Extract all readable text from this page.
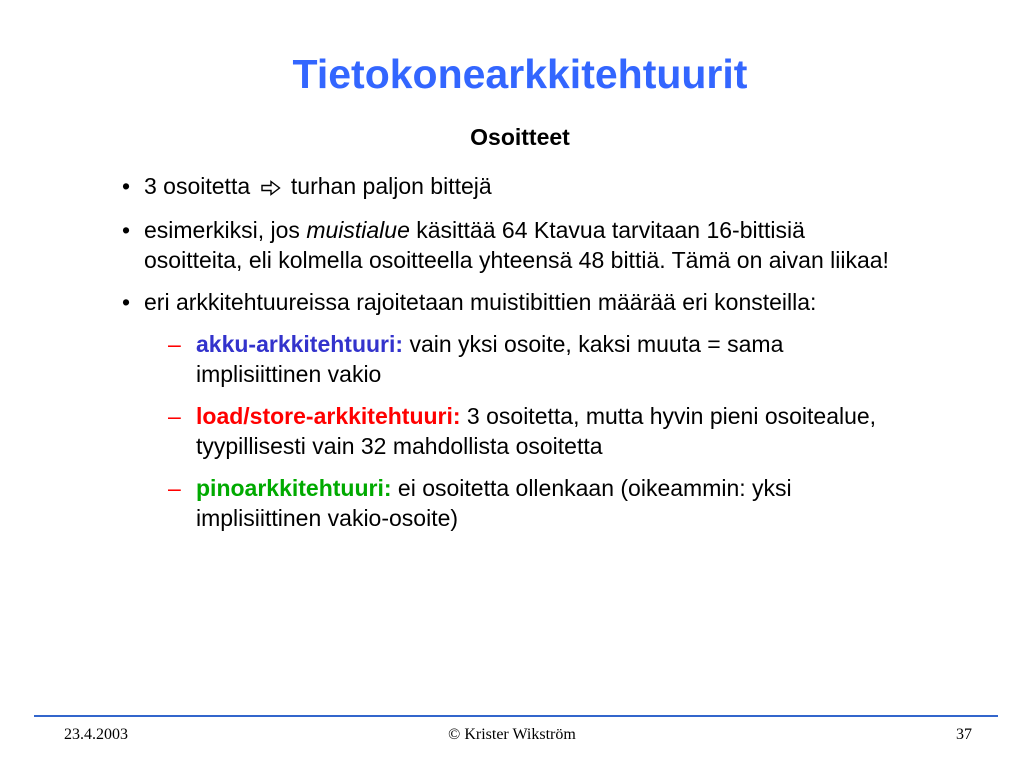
Tietokonearkkitehtuurit
Osoitteet
• 3 osoitetta turhan paljon bittejä
• esimerkiksi, jos muistialue käsittää 64 Ktavua tarvitaan 16-bittisiä osoitteita, eli kolmella osoitteella yhteensä 48 bittiä. Tämä on aivan liikaa!
• eri arkkitehtuureissa rajoitetaan muistibittien määrää eri konsteilla:
– akku-arkkitehtuuri: vain yksi osoite, kaksi muuta = sama implisiittinen vakio
– load/store-arkkitehtuuri: 3 osoitetta, mutta hyvin pieni osoitealue, tyypillisesti vain 32 mahdollista osoitetta
– pinoarkkitehtuuri: ei osoitetta ollenkaan (oikeammin: yksi implisiittinen vakio-osoite)
23.4.2003	© Krister Wikström	37
